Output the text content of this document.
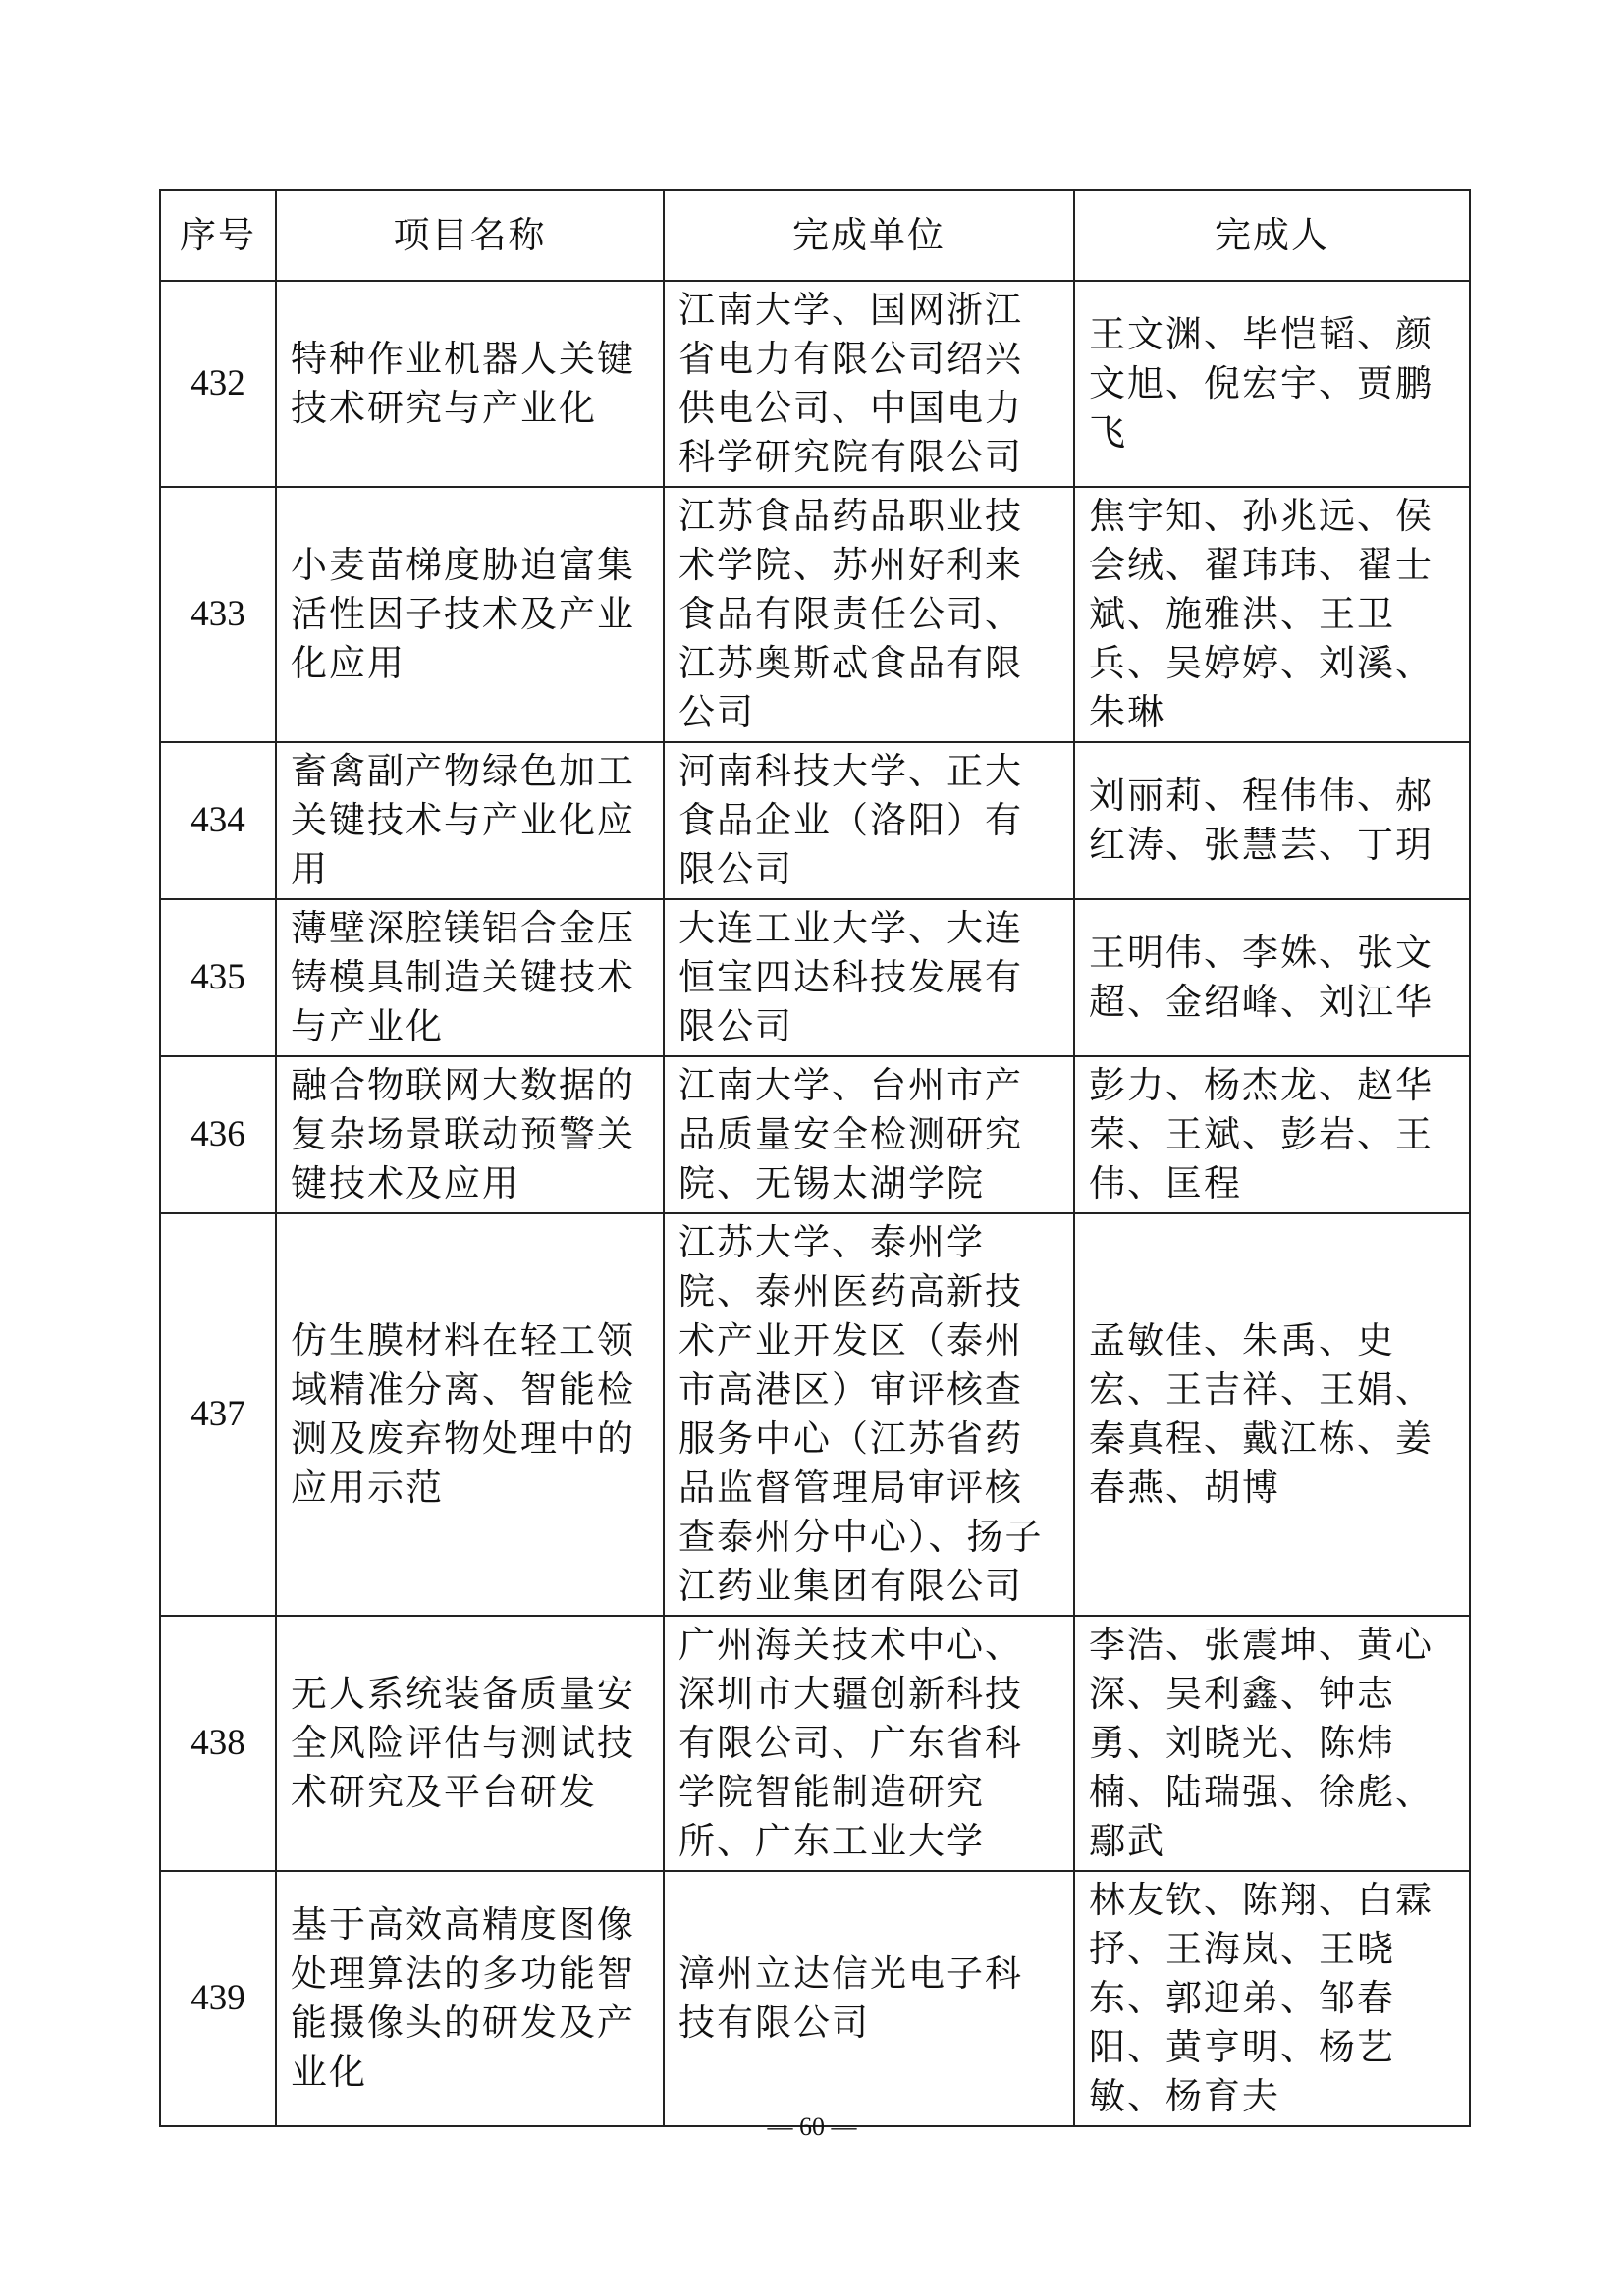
序号	项目名称	完成单位	完成人
432	特种作业机器人关键技术研究与产业化	江南大学、国网浙江省电力有限公司绍兴供电公司、中国电力科学研究院有限公司	王文渊、毕恺韬、颜文旭、倪宏宇、贾鹏飞
433	小麦苗梯度胁迫富集活性因子技术及产业化应用	江苏食品药品职业技术学院、苏州好利来食品有限责任公司、江苏奥斯忒食品有限公司	焦宇知、孙兆远、侯会绒、翟玮玮、翟士斌、施雅洪、王卫兵、吴婷婷、刘溪、朱琳
434	畜禽副产物绿色加工关键技术与产业化应用	河南科技大学、正大食品企业（洛阳）有限公司	刘丽莉、程伟伟、郝红涛、张慧芸、丁玥
435	薄壁深腔镁铝合金压铸模具制造关键技术与产业化	大连工业大学、大连恒宝四达科技发展有限公司	王明伟、李姝、张文超、金绍峰、刘江华
436	融合物联网大数据的复杂场景联动预警关键技术及应用	江南大学、台州市产品质量安全检测研究院、无锡太湖学院	彭力、杨杰龙、赵华荣、王斌、彭岩、王伟、匡程
437	仿生膜材料在轻工领域精准分离、智能检测及废弃物处理中的应用示范	江苏大学、泰州学院、泰州医药高新技术产业开发区（泰州市高港区）审评核查服务中心（江苏省药品监督管理局审评核查泰州分中心）、扬子江药业集团有限公司	孟敏佳、朱禹、史宏、王吉祥、王娟、秦真程、戴江栋、姜春燕、胡博
438	无人系统装备质量安全风险评估与测试技术研究及平台研发	广州海关技术中心、深圳市大疆创新科技有限公司、广东省科学院智能制造研究所、广东工业大学	李浩、张震坤、黄心深、吴利鑫、钟志勇、刘晓光、陈炜楠、陆瑞强、徐彪、鄢武
439	基于高效高精度图像处理算法的多功能智能摄像头的研发及产业化	漳州立达信光电子科技有限公司	林友钦、陈翔、白霖抒、王海岚、王晓东、郭迎弟、邹春阳、黄亨明、杨艺敏、杨育夫
— 60 —
